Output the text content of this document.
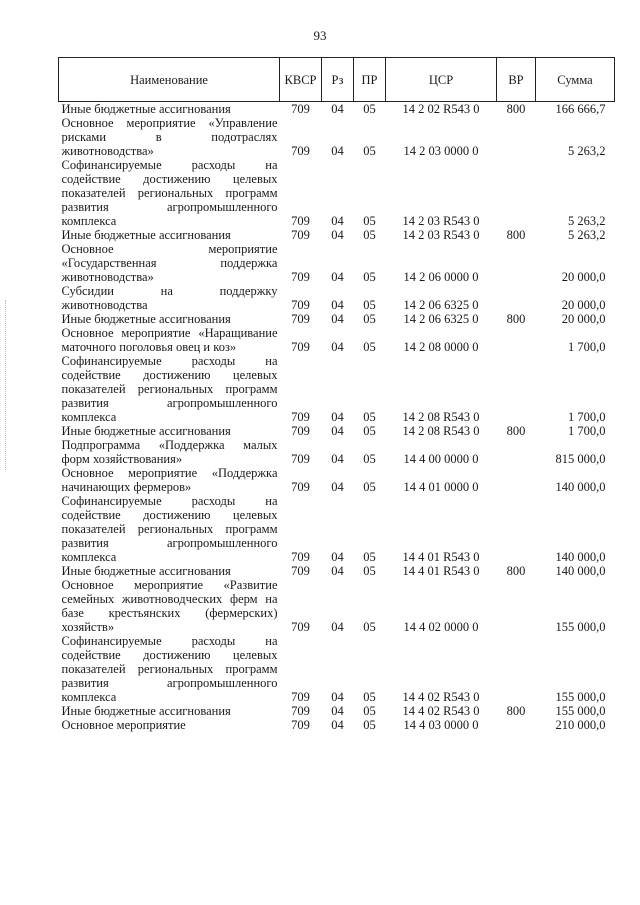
93
Наименование	КВСР	Рз	ПР	ЦСР	ВР	Сумма
Иные бюджетные ассигнования	709	04	05	14 2 02 R543 0	800	166 666,7
Основное мероприятие «Управление рисками в подотраслях животноводства»	709	04	05	14 2 03 0000 0		5 263,2
Софинансируемые расходы на содействие достижению целевых показателей региональных программ развития агропромышленного комплекса	709	04	05	14 2 03 R543 0		5 263,2
Иные бюджетные ассигнования	709	04	05	14 2 03 R543 0	800	5 263,2
Основное мероприятие «Государственная поддержка животноводства»	709	04	05	14 2 06 0000 0		20 000,0
Субсидии на поддержку животноводства	709	04	05	14 2 06 6325 0		20 000,0
Иные бюджетные ассигнования	709	04	05	14 2 06 6325 0	800	20 000,0
Основное мероприятие «Наращивание маточного поголовья овец и коз»	709	04	05	14 2 08 0000 0		1 700,0
Софинансируемые расходы на содействие достижению целевых показателей региональных программ развития агропромышленного комплекса	709	04	05	14 2 08 R543 0		1 700,0
Иные бюджетные ассигнования	709	04	05	14 2 08 R543 0	800	1 700,0
Подпрограмма «Поддержка малых форм хозяйствования»	709	04	05	14 4 00 0000 0		815 000,0
Основное мероприятие «Поддержка начинающих фермеров»	709	04	05	14 4 01 0000 0		140 000,0
Софинансируемые расходы на содействие достижению целевых показателей региональных программ развития агропромышленного комплекса	709	04	05	14 4 01 R543 0		140 000,0
Иные бюджетные ассигнования	709	04	05	14 4 01 R543 0	800	140 000,0
Основное мероприятие «Развитие семейных животноводческих ферм на базе крестьянских (фермерских) хозяйств»	709	04	05	14 4 02 0000 0		155 000,0
Софинансируемые расходы на содействие достижению целевых показателей региональных программ развития агропромышленного комплекса	709	04	05	14 4 02 R543 0		155 000,0
Иные бюджетные ассигнования	709	04	05	14 4 02 R543 0	800	155 000,0
Основное мероприятие	709	04	05	14 4 03 0000 0		210 000,0
